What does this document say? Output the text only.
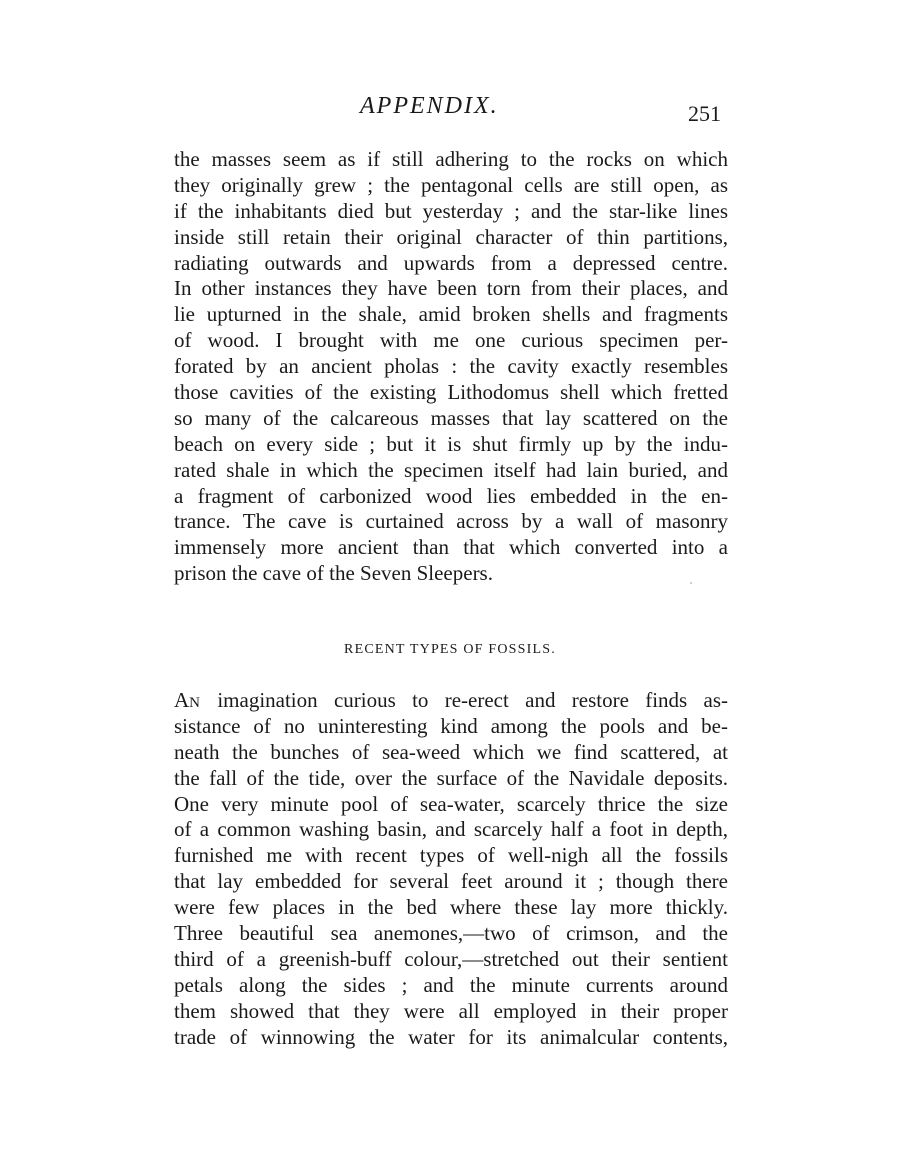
APPENDIX.	251
the masses seem as if still adhering to the rocks on which
they originally grew ; the pentagonal cells are still open, as
if the inhabitants died but yesterday ; and the star-like lines
inside still retain their original character of thin partitions,
radiating outwards and upwards from a depressed centre.
In other instances they have been torn from their places, and
lie upturned in the shale, amid broken shells and fragments
of wood. I brought with me one curious specimen per-
forated by an ancient pholas : the cavity exactly resembles
those cavities of the existing Lithodomus shell which fretted
so many of the calcareous masses that lay scattered on the
beach on every side ; but it is shut firmly up by the indu-
rated shale in which the specimen itself had lain buried, and
a fragment of carbonized wood lies embedded in the en-
trance. The cave is curtained across by a wall of masonry
immensely more ancient than that which converted into a
prison the cave of the Seven Sleepers.
RECENT TYPES OF FOSSILS.
AN imagination curious to re-erect and restore finds as-
sistance of no uninteresting kind among the pools and be-
neath the bunches of sea-weed which we find scattered, at
the fall of the tide, over the surface of the Navidale deposits.
One very minute pool of sea-water, scarcely thrice the size
of a common washing basin, and scarcely half a foot in depth,
furnished me with recent types of well-nigh all the fossils
that lay embedded for several feet around it ; though there
were few places in the bed where these lay more thickly.
Three beautiful sea anemones,—two of crimson, and the
third of a greenish-buff colour,—stretched out their sentient
petals along the sides ; and the minute currents around
them showed that they were all employed in their proper
trade of winnowing the water for its animalcular contents,
